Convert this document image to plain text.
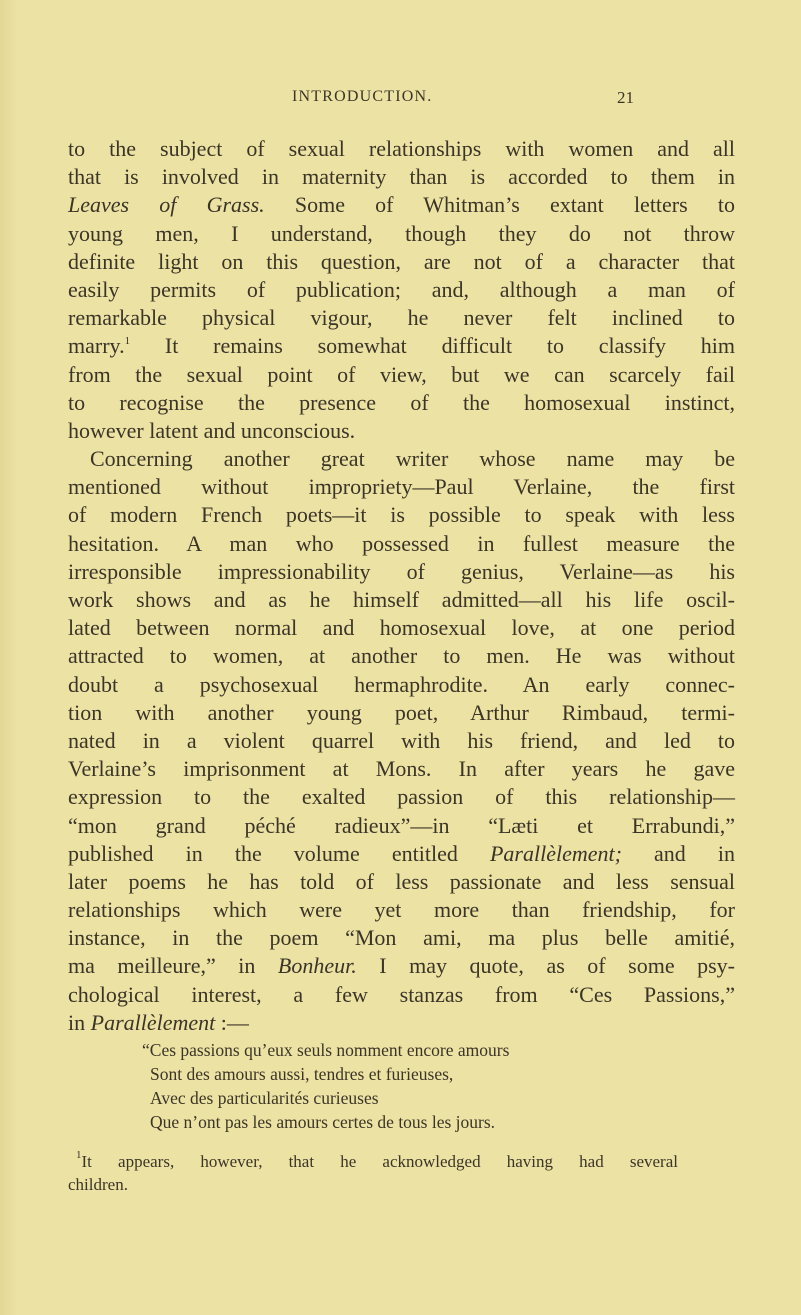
INTRODUCTION.	21
to the subject of sexual relationships with women and all
that is involved in maternity than is accorded to them in
Leaves of Grass. Some of Whitman’s extant letters to
young men, I understand, though they do not throw
definite light on this question, are not of a character that
easily permits of publication; and, although a man of
remarkable physical vigour, he never felt inclined to
marry.$^1$ It remains somewhat difficult to classify him
from the sexual point of view, but we can scarcely fail
to recognise the presence of the homosexual instinct,
however latent and unconscious.
Concerning another great writer whose name may be
mentioned without impropriety—Paul Verlaine, the first
of modern French poets—it is possible to speak with less
hesitation. A man who possessed in fullest measure the
irresponsible impressionability of genius, Verlaine—as his
work shows and as he himself admitted—all his life oscil-
lated between normal and homosexual love, at one period
attracted to women, at another to men. He was without
doubt a psychosexual hermaphrodite. An early connec-
tion with another young poet, Arthur Rimbaud, termi-
nated in a violent quarrel with his friend, and led to
Verlaine’s imprisonment at Mons. In after years he gave
expression to the exalted passion of this relationship—
“mon grand péché radieux”—in “Læti et Errabundi,”
published in the volume entitled Parallèlement; and in
later poems he has told of less passionate and less sensual
relationships which were yet more than friendship, for
instance, in the poem “Mon ami, ma plus belle amitié,
ma meilleure,” in Bonheur. I may quote, as of some psy-
chological interest, a few stanzas from “Ces Passions,”
in Parallèlement :—
“Ces passions qu’eux seuls nomment encore amours
Sont des amours aussi, tendres et furieuses,
Avec des particularités curieuses
Que n’ont pas les amours certes de tous les jours.
$^1$It appears, however, that he acknowledged having had several
children.
